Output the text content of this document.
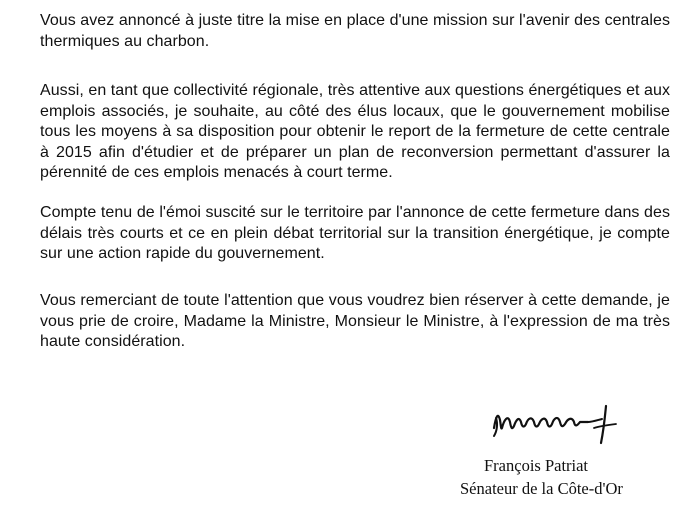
Vous avez annoncé à juste titre la mise en place d'une mission sur l'avenir des centrales thermiques au charbon.

Aussi, en tant que collectivité régionale, très attentive aux questions énergétiques et aux emplois associés, je souhaite, au côté des élus locaux, que le gouvernement mobilise tous les moyens à sa disposition pour obtenir le report de la fermeture de cette centrale à 2015 afin d'étudier et de préparer un plan de reconversion permettant d'assurer la pérennité de ces emplois menacés à court terme.

Compte tenu de l'émoi suscité sur le territoire par l'annonce de cette fermeture dans des délais très courts et ce en plein débat territorial sur la transition énergétique, je compte sur une action rapide du gouvernement.

Vous remerciant de toute l'attention que vous voudrez bien réserver à cette demande, je vous prie de croire, Madame la Ministre, Monsieur le Ministre, à l'expression de ma très haute considération.

François Patriat
Sénateur de la Côte-d'Or
